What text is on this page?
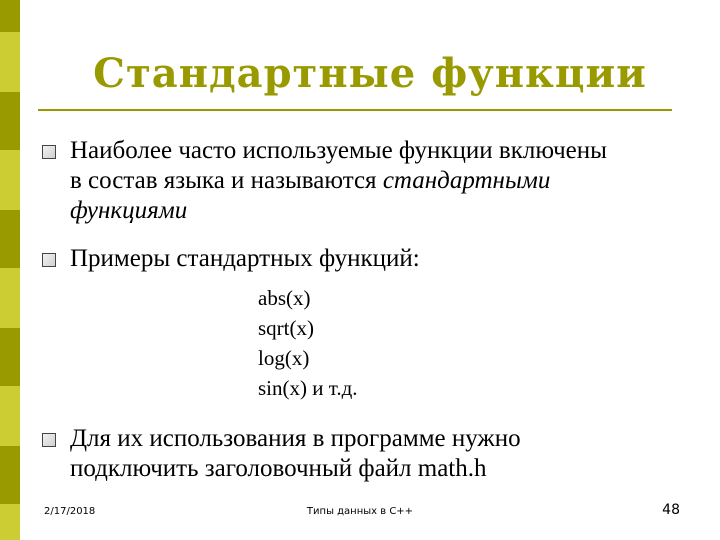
Стандартные функции
Наиболее часто используемые функции включены
в состав языка и называются стандартными
функциями
Примеры стандартных функций:
abs(x)
sqrt(x)
log(x)
sin(x) и т.д.
Для их использования в программе нужно
подключить заголовочный файл math.h
2/17/2018	Типы данных в C++	48
